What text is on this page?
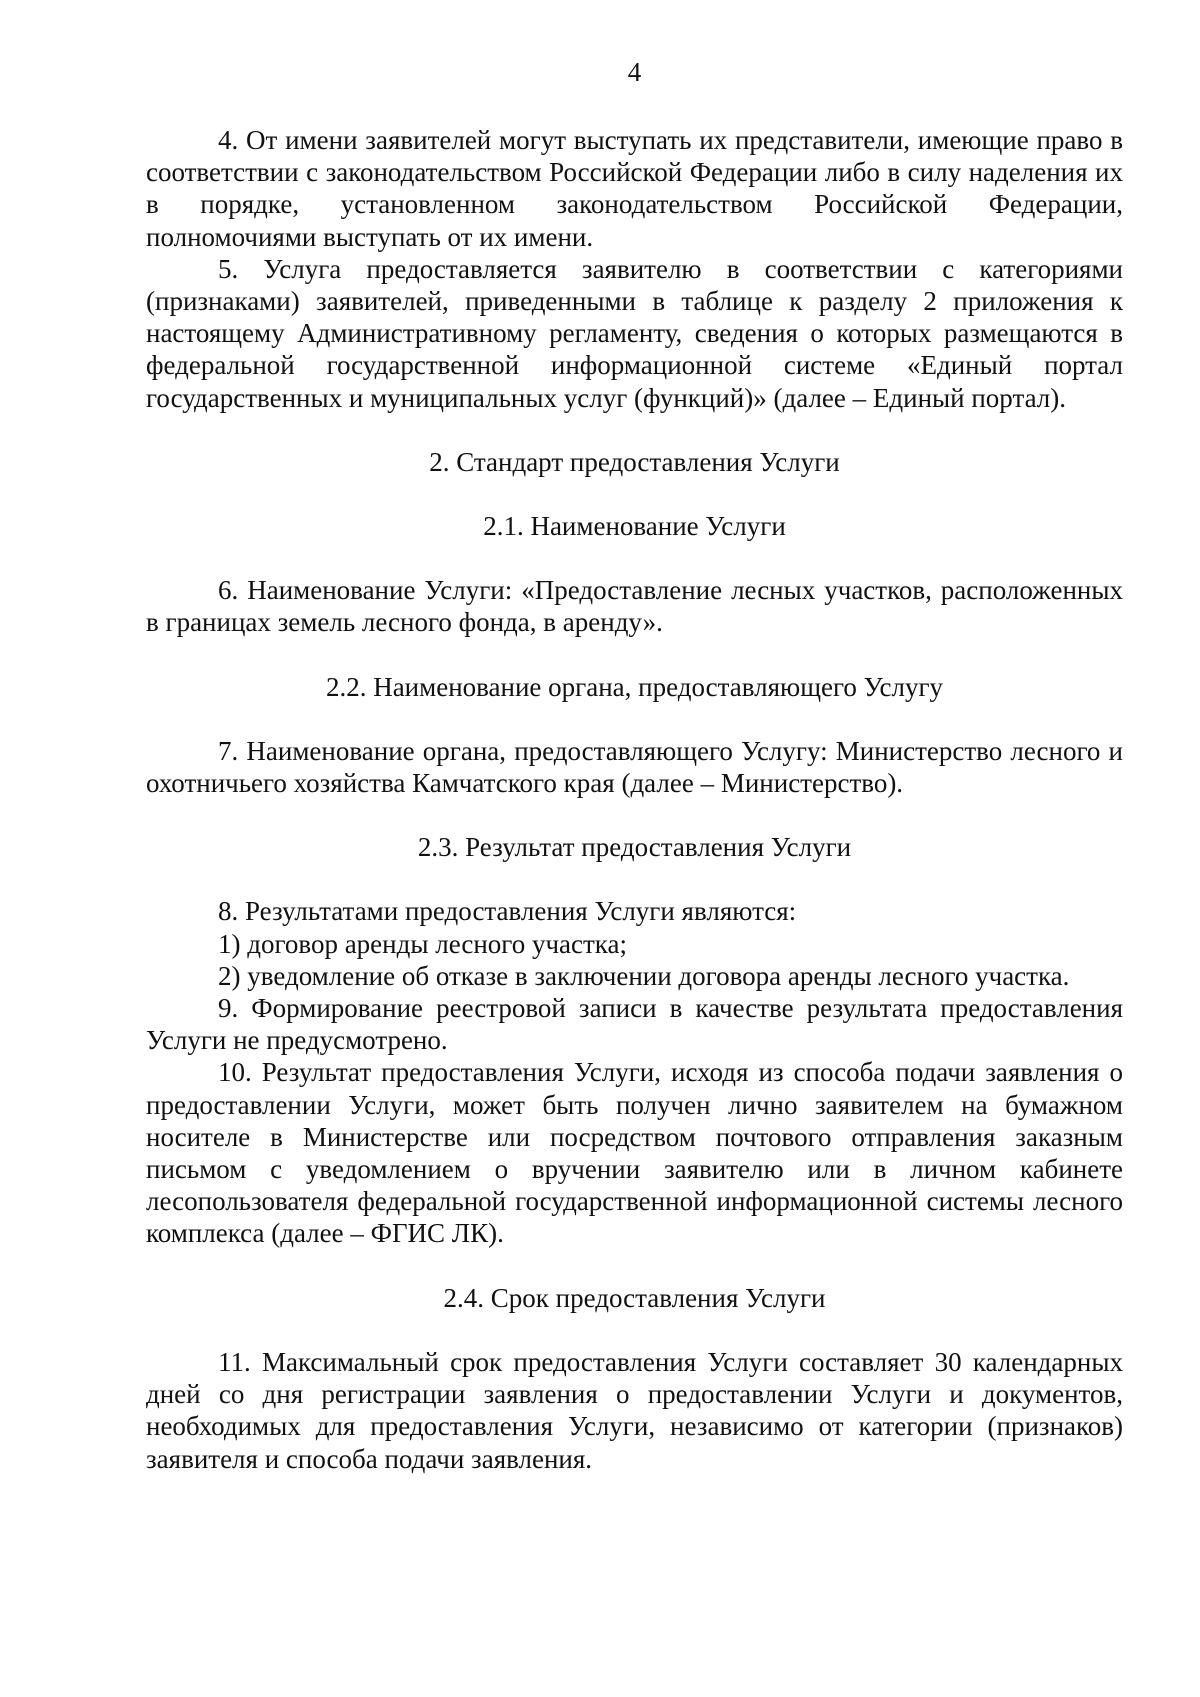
4

4. От имени заявителей могут выступать их представители, имеющие право в соответствии с законодательством Российской Федерации либо в силу наделения их в порядке, установленном законодательством Российской Федерации, полномочиями выступать от их имени.

5. Услуга предоставляется заявителю в соответствии с категориями (признаками) заявителей, приведенными в таблице к разделу 2 приложения к настоящему Административному регламенту, сведения о которых размещаются в федеральной государственной информационной системе «Единый портал государственных и муниципальных услуг (функций)» (далее – Единый портал).

2. Стандарт предоставления Услуги

2.1. Наименование Услуги

6. Наименование Услуги: «Предоставление лесных участков, расположенных в границах земель лесного фонда, в аренду».

2.2. Наименование органа, предоставляющего Услугу

7. Наименование органа, предоставляющего Услугу: Министерство лесного и охотничьего хозяйства Камчатского края (далее – Министерство).

2.3. Результат предоставления Услуги

8. Результатами предоставления Услуги являются:

1) договор аренды лесного участка;

2) уведомление об отказе в заключении договора аренды лесного участка.

9. Формирование реестровой записи в качестве результата предоставления Услуги не предусмотрено.

10. Результат предоставления Услуги, исходя из способа подачи заявления о предоставлении Услуги, может быть получен лично заявителем на бумажном носителе в Министерстве или посредством почтового отправления заказным письмом с уведомлением о вручении заявителю или в личном кабинете лесопользователя федеральной государственной информационной системы лесного комплекса (далее – ФГИС ЛК).

2.4. Срок предоставления Услуги

11. Максимальный срок предоставления Услуги составляет 30 календарных дней со дня регистрации заявления о предоставлении Услуги и документов, необходимых для предоставления Услуги, независимо от категории (признаков) заявителя и способа подачи заявления.
